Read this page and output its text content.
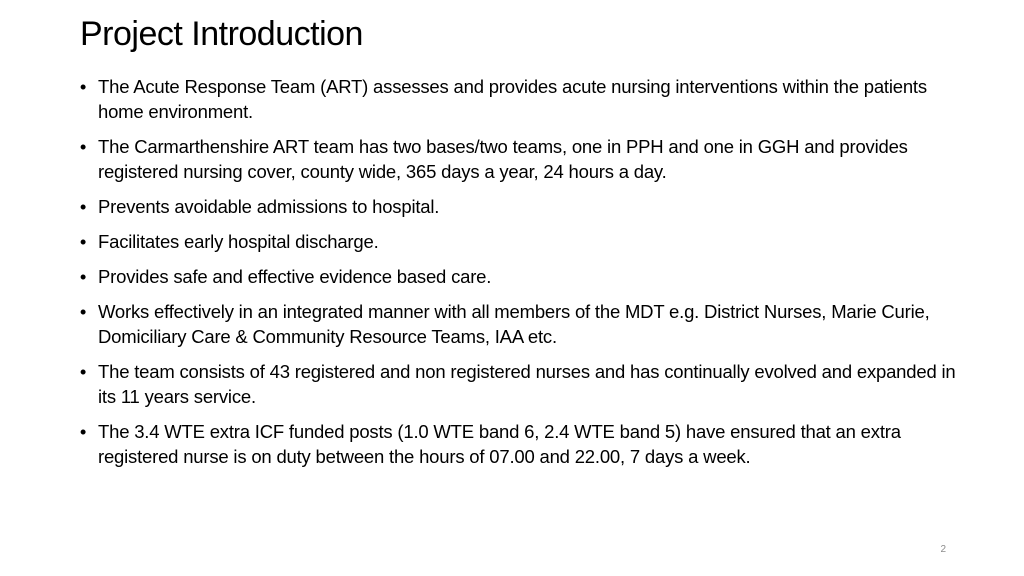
Project Introduction
• The Acute Response Team (ART) assesses and provides acute nursing interventions within the patients home environment.
• The Carmarthenshire ART team has two bases/two teams, one in PPH and one in GGH and provides registered nursing cover, county wide, 365 days a year, 24 hours a day.
• Prevents avoidable admissions to hospital.
• Facilitates early hospital discharge.
• Provides safe and effective evidence based care.
• Works effectively in an integrated manner with all members of the MDT e.g. District Nurses, Marie Curie, Domiciliary Care & Community Resource Teams, IAA etc.
• The team consists of 43 registered and non registered nurses and has continually evolved and expanded in its 11 years service.
• The 3.4 WTE extra ICF funded posts (1.0 WTE band 6, 2.4 WTE band 5) have ensured that an extra registered nurse is on duty between the hours of 07.00 and 22.00, 7 days a week.
2
